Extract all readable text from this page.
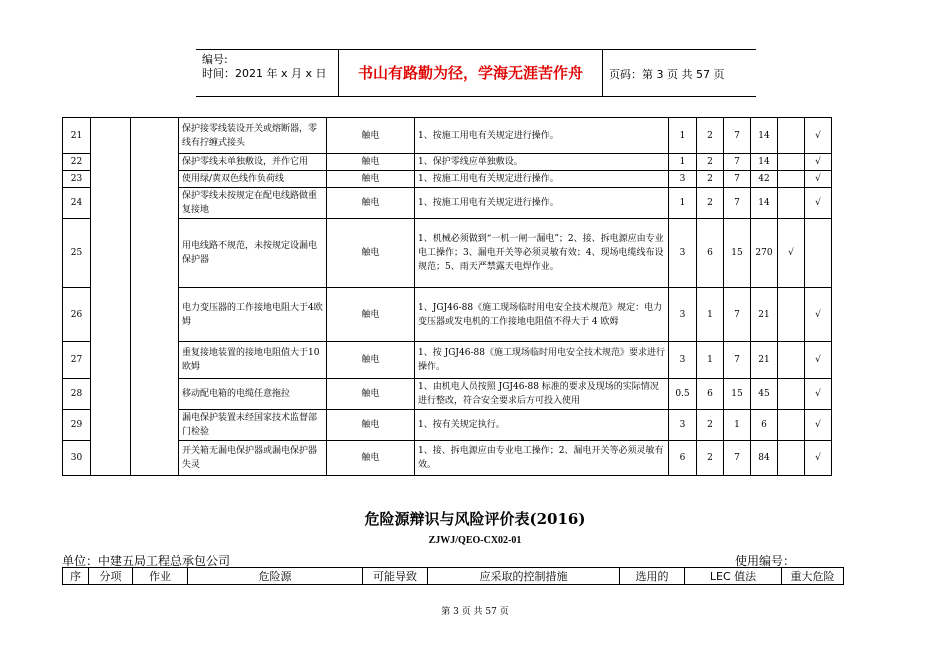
编号:
时间：2021 年 x 月 x 日	书山有路勤为径，学海无涯苦作舟	页码：第 3 页 共 57 页
21			保护接零线装设开关或熔断器，零线有拧缠式接头	触电	1、按施工用电有关规定进行操作。	1	2	7	14		√
22			保护零线未单独敷设，并作它用	触电	1、保护零线应单独敷设。	1	2	7	14		√
23			使用绿/黄双色线作负荷线	触电	1、按施工用电有关规定进行操作。	3	2	7	42		√
24			保护零线未按规定在配电线路做重复接地	触电	1、按施工用电有关规定进行操作。	1	2	7	14		√
25			用电线路不规范，未按规定设漏电保护器	触电	1、机械必须做到“一机一闸一漏电”；2、接、拆电源应由专业电工操作；3、漏电开关等必须灵敏有效；4、现场电缆线布设规范；5、雨天严禁露天电焊作业。	3	6	15	270	√	
26			电力变压器的工作接地电阻大于4欧姆	触电	1、JGJ46-88《施工现场临时用电安全技术规范》规定：电力变压器或发电机的工作接地电阻值不得大于 4 欧姆	3	1	7	21		√
27			重复接地装置的接地电阻值大于10欧姆	触电	1、按 JGJ46-88《施工现场临时用电安全技术规范》要求进行操作。	3	1	7	21		√
28			移动配电箱的电缆任意拖拉	触电	1、由机电人员按照 JGJ46-88 标准的要求及现场的实际情况进行整改，符合安全要求后方可投入使用	0.5	6	15	45		√
29			漏电保护装置未经国家技术监督部门检验	触电	1、按有关规定执行。	3	2	1	6		√
30			开关箱无漏电保护器或漏电保护器失灵	触电	1、接、拆电源应由专业电工操作；2、漏电开关等必须灵敏有效。	6	2	7	84		√
危险源辩识与风险评价表(2016)
ZJWJ/QEO-CX02-01
单位：中建五局工程总承包公司	使用编号：
序	分项	作业	危险源	可能导致	应采取的控制措施	选用的	LEC 值法	重大危险
第 3 页 共 57 页
